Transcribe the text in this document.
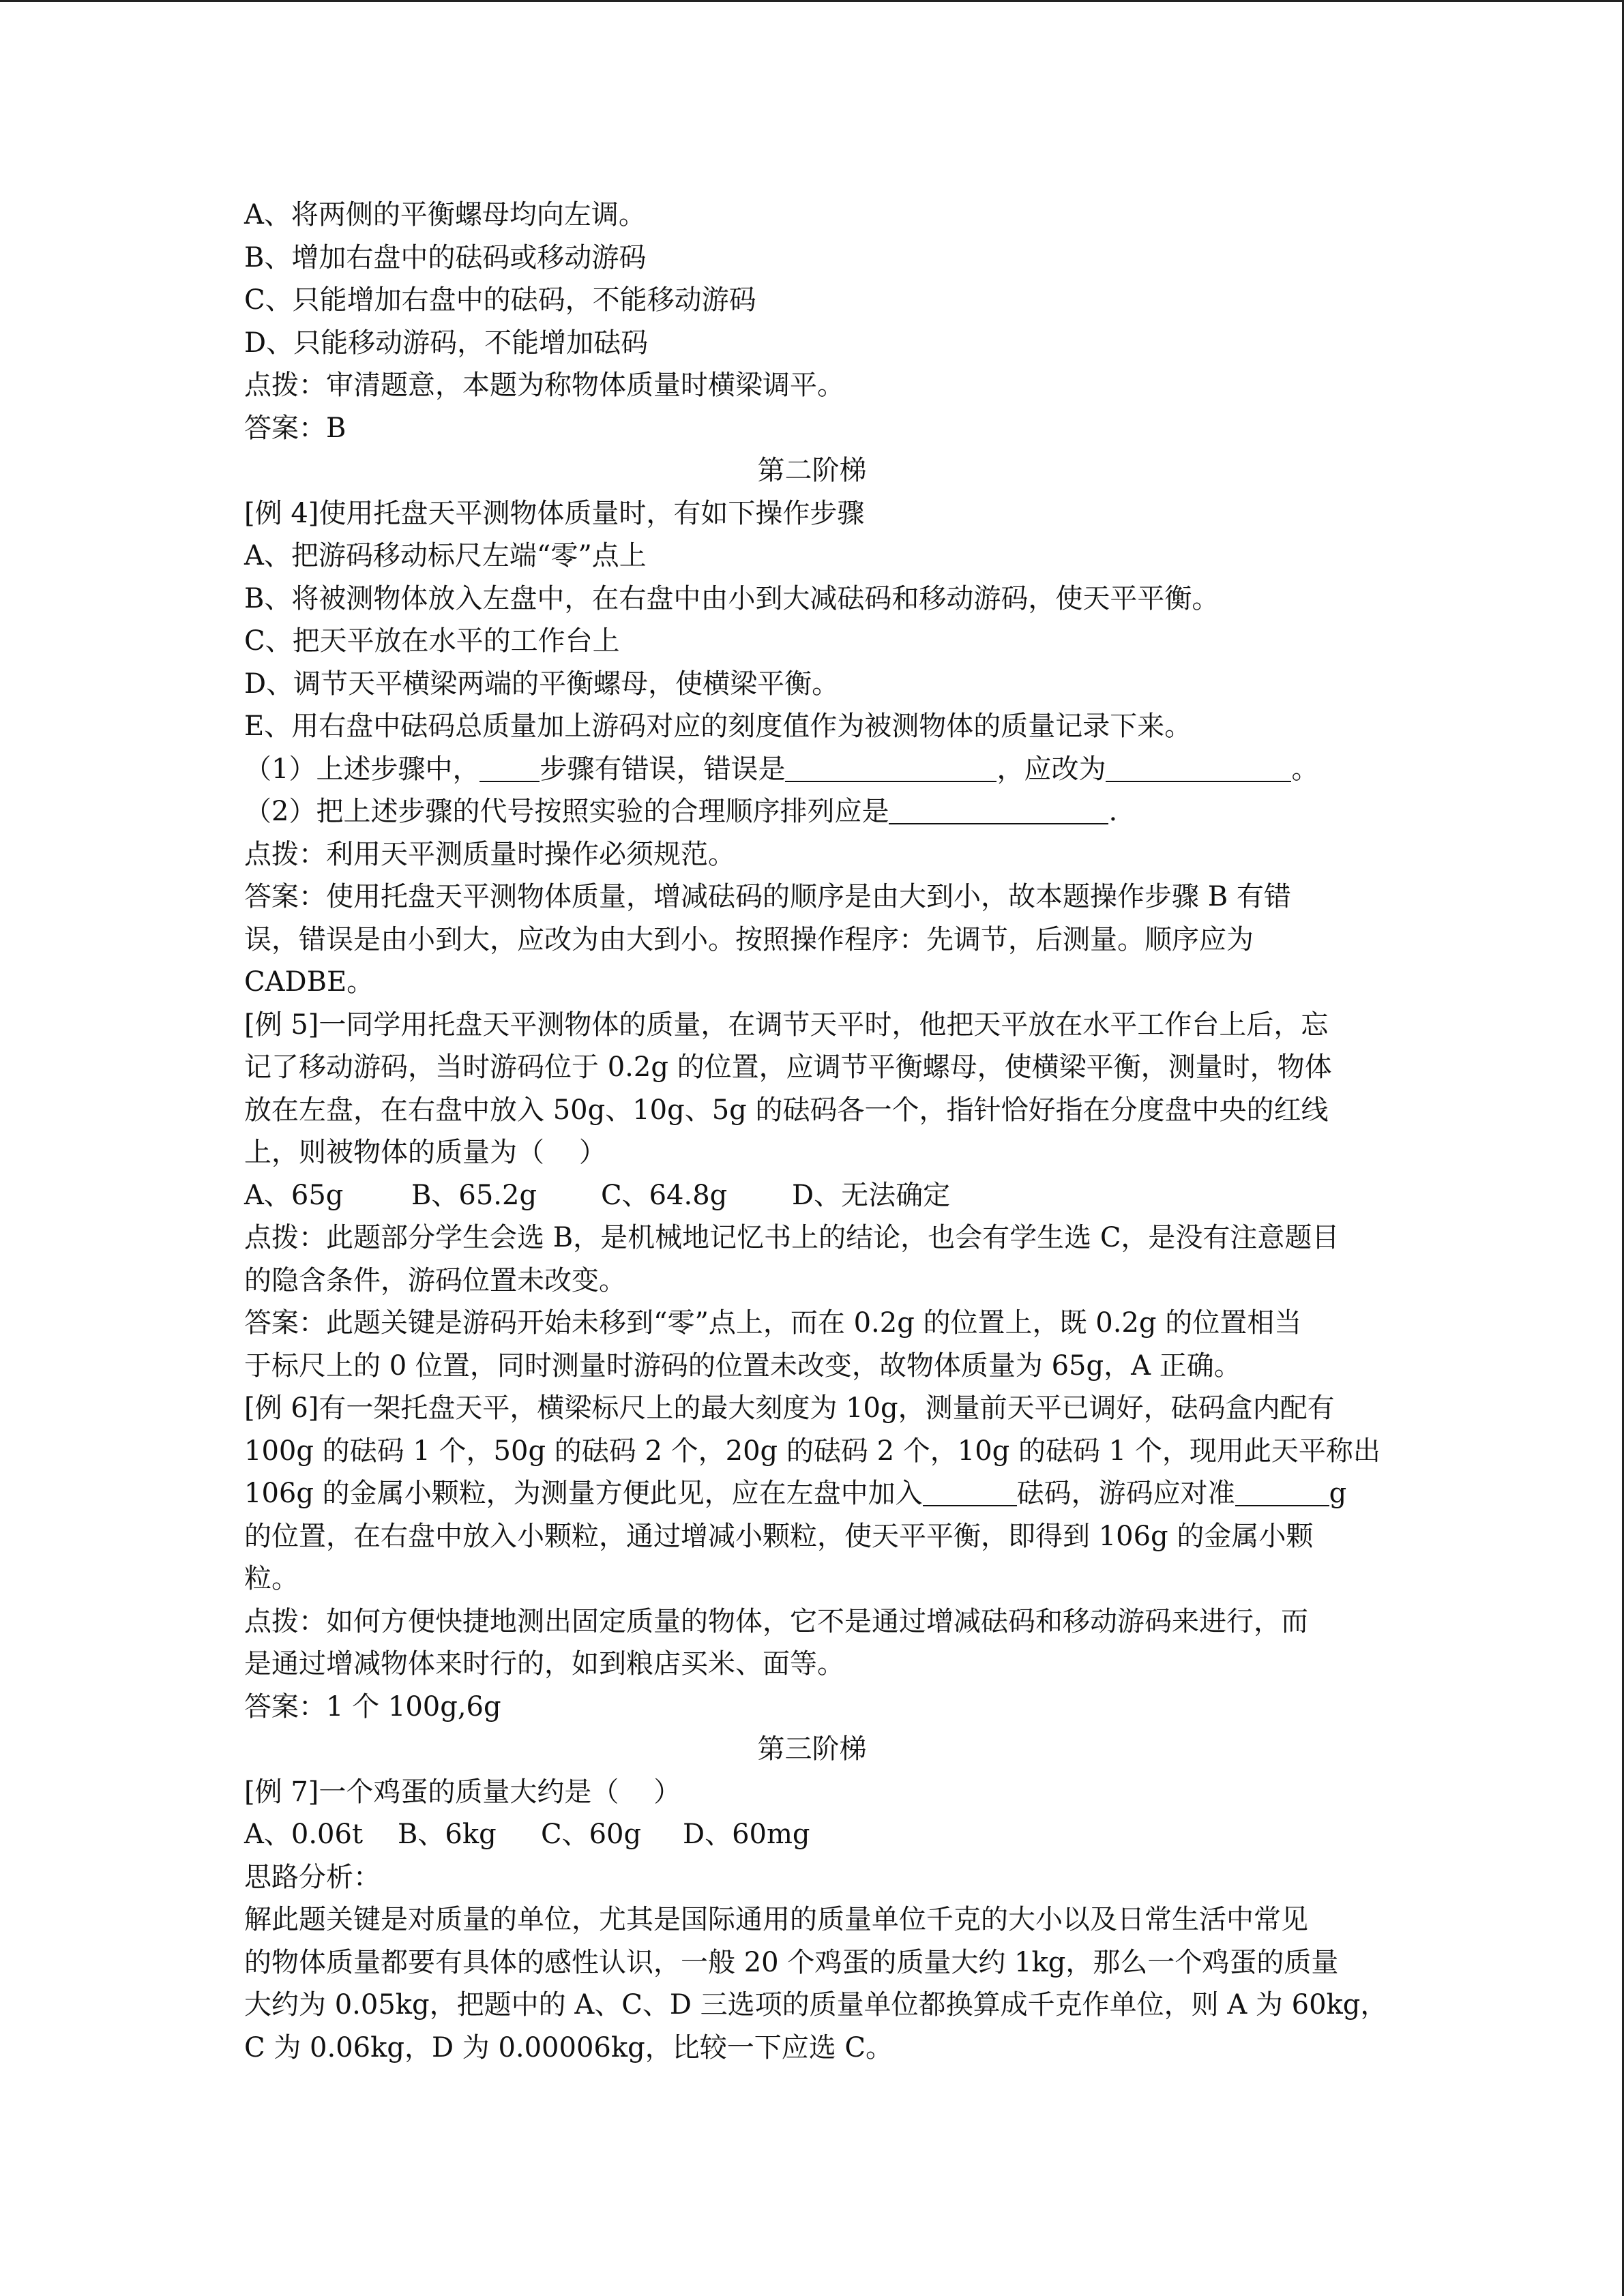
A、将两侧的平衡螺母均向左调。
B、增加右盘中的砝码或移动游码
C、只能增加右盘中的砝码，不能移动游码
D、只能移动游码，不能增加砝码
点拨：审清题意，本题为称物体质量时横梁调平。
答案：B
第二阶梯
[例 4]使用托盘天平测物体质量时，有如下操作步骤
A、把游码移动标尺左端“零”点上
B、将被测物体放入左盘中，在右盘中由小到大减砝码和移动游码，使天平平衡。
C、把天平放在水平的工作台上
D、调节天平横梁两端的平衡螺母，使横梁平衡。
E、用右盘中砝码总质量加上游码对应的刻度值作为被测物体的质量记录下来。
（1）上述步骤中， 步骤有错误，错误是	，应改为	。
（2）把上述步骤的代号按照实验的合理顺序排列应是	.
点拨：利用天平测质量时操作必须规范。
答案：使用托盘天平测物体质量，增减砝码的顺序是由大到小，故本题操作步骤 B 有错
误，错误是由小到大，应改为由大到小。按照操作程序：先调节，后测量。顺序应为
CADBE。
[例 5]一同学用托盘天平测物体的质量，在调节天平时，他把天平放在水平工作台上后，忘
记了移动游码，当时游码位于 0.2g 的位置，应调节平衡螺母，使横梁平衡，测量时，物体
放在左盘，在右盘中放入 50g、10g、5g 的砝码各一个，指针恰好指在分度盘中央的红线
上，则被物体的质量为（    ）
A、65g B、65.2g C、64.8g D、无法确定
点拨：此题部分学生会选 B，是机械地记忆书上的结论，也会有学生选 C，是没有注意题目
的隐含条件，游码位置未改变。
答案：此题关键是游码开始未移到“零”点上，而在 0.2g 的位置上，既 0.2g 的位置相当
于标尺上的 0 位置，同时测量时游码的位置未改变，故物体质量为 65g，A 正确。
[例 6]有一架托盘天平，横梁标尺上的最大刻度为 10g，测量前天平已调好，砝码盒内配有
100g 的砝码 1 个，50g 的砝码 2 个，20g 的砝码 2 个，10g 的砝码 1 个，现用此天平称出
106g 的金属小颗粒，为测量方便此见，应在左盘中加入	砝码，游码应对准	g
的位置，在右盘中放入小颗粒，通过增减小颗粒，使天平平衡，即得到 106g 的金属小颗
粒。
点拨：如何方便快捷地测出固定质量的物体，它不是通过增减砝码和移动游码来进行，而
是通过增减物体来时行的，如到粮店买米、面等。
答案：1 个 100g,6g
第三阶梯
[例 7]一个鸡蛋的质量大约是（    ）
A、0.06t B、6kg C、60g D、60mg
思路分析：
解此题关键是对质量的单位，尤其是国际通用的质量单位千克的大小以及日常生活中常见
的物体质量都要有具体的感性认识，一般 20 个鸡蛋的质量大约 1kg，那么一个鸡蛋的质量
大约为 0.05kg，把题中的 A、C、D 三选项的质量单位都换算成千克作单位，则 A 为 60kg，
C 为 0.06kg，D 为 0.00006kg，比较一下应选 C。
